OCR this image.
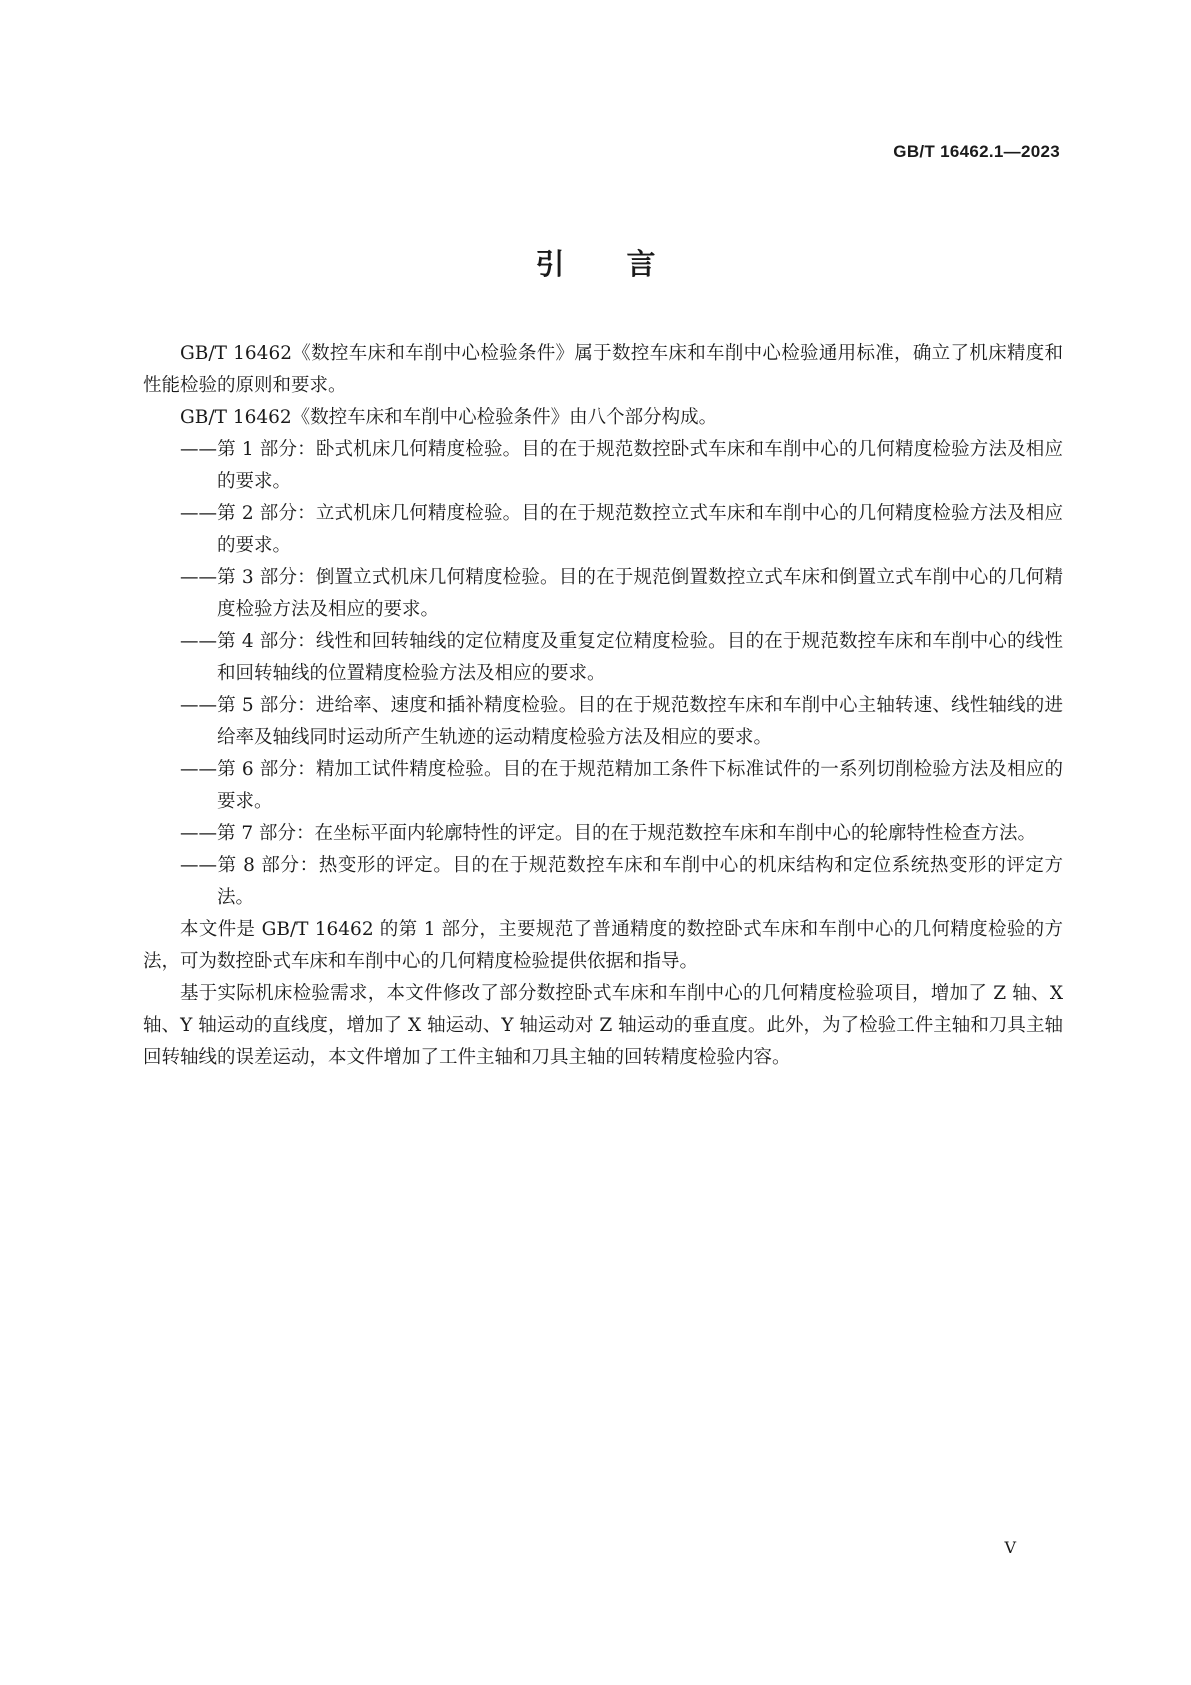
GB/T 16462.1—2023
引言

GB/T 16462《数控车床和车削中心检验条件》属于数控车床和车削中心检验通用标准，确立了机床精度和性能检验的原则和要求。

GB/T 16462《数控车床和车削中心检验条件》由八个部分构成。

——第 1 部分：卧式机床几何精度检验。目的在于规范数控卧式车床和车削中心的几何精度检验方法及相应的要求。

——第 2 部分：立式机床几何精度检验。目的在于规范数控立式车床和车削中心的几何精度检验方法及相应的要求。

——第 3 部分：倒置立式机床几何精度检验。目的在于规范倒置数控立式车床和倒置立式车削中心的几何精度检验方法及相应的要求。

——第 4 部分：线性和回转轴线的定位精度及重复定位精度检验。目的在于规范数控车床和车削中心的线性和回转轴线的位置精度检验方法及相应的要求。

——第 5 部分：进给率、速度和插补精度检验。目的在于规范数控车床和车削中心主轴转速、线性轴线的进给率及轴线同时运动所产生轨迹的运动精度检验方法及相应的要求。

——第 6 部分：精加工试件精度检验。目的在于规范精加工条件下标准试件的一系列切削检验方法及相应的要求。

——第 7 部分：在坐标平面内轮廓特性的评定。目的在于规范数控车床和车削中心的轮廓特性检查方法。

——第 8 部分：热变形的评定。目的在于规范数控车床和车削中心的机床结构和定位系统热变形的评定方法。

本文件是 GB/T 16462 的第 1 部分，主要规范了普通精度的数控卧式车床和车削中心的几何精度检验的方法，可为数控卧式车床和车削中心的几何精度检验提供依据和指导。

基于实际机床检验需求，本文件修改了部分数控卧式车床和车削中心的几何精度检验项目，增加了 Z 轴、X 轴、Y 轴运动的直线度，增加了 X 轴运动、Y 轴运动对 Z 轴运动的垂直度。此外，为了检验工件主轴和刀具主轴回转轴线的误差运动，本文件增加了工件主轴和刀具主轴的回转精度检验内容。

V
